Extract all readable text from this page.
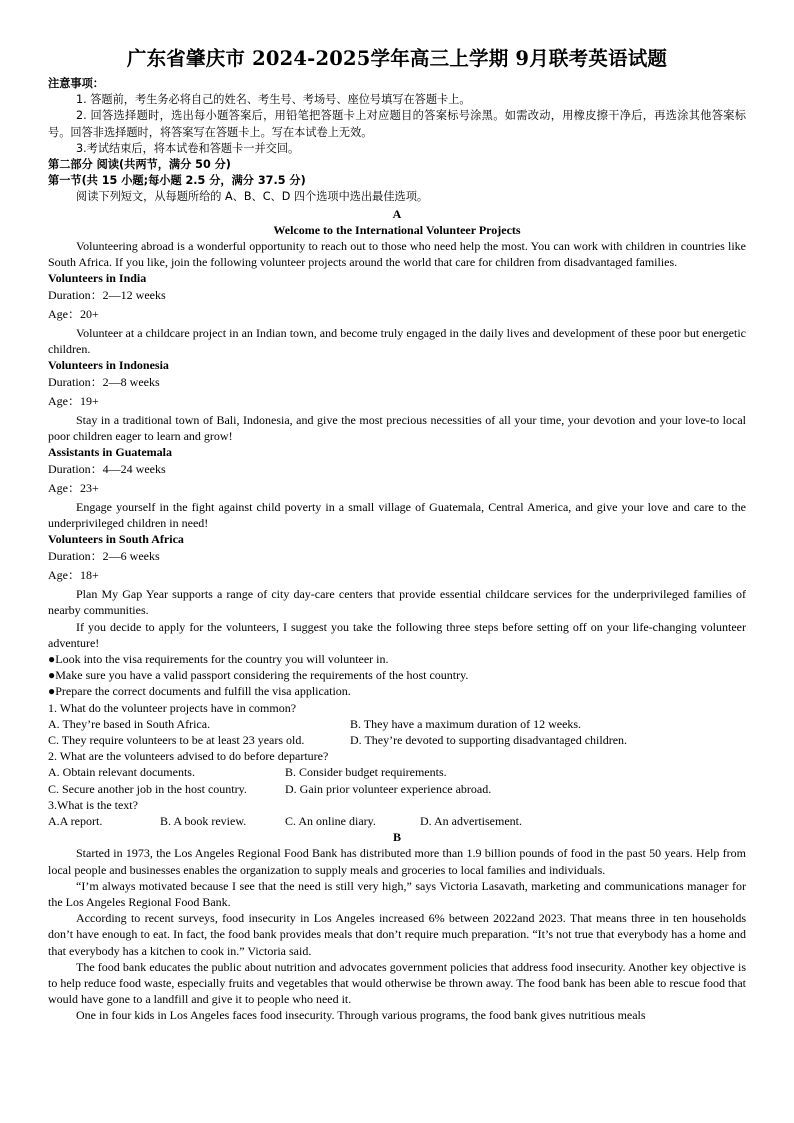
广东省肇庆市 2024-2025学年高三上学期 9月联考英语试题
注意事项：

1. 答题前，考生务必将自己的姓名、考生号、考场号、座位号填写在答题卡上。

2. 回答选择题时，选出每小题答案后，用铅笔把答题卡上对应题目的答案标号涂黑。如需改动，用橡皮擦干净后，再选涂其他答案标号。回答非选择题时，将答案写在答题卡上。写在本试卷上无效。

3.考试结束后，将本试卷和答题卡一并交回。

第二部分 阅读(共两节，满分 50 分)
第一节(共 15 小题;每小题 2.5 分，满分 37.5 分)

阅读下列短文，从每题所给的 A、B、C、D 四个选项中选出最佳选项。

A
Welcome to the International Volunteer Projects

Volunteering abroad is a wonderful opportunity to reach out to those who need help the most. You can work with children in countries like South Africa. If you like, join the following volunteer projects around the world that care for children from disadvantaged families.

Volunteers in India
Duration：2—12 weeks
Age：20+

Volunteer at a childcare project in an Indian town, and become truly engaged in the daily lives and development of these poor but energetic children.

Volunteers in Indonesia
Duration：2—8 weeks
Age：19+

Stay in a traditional town of Bali, Indonesia, and give the most precious necessities of all your time, your devotion and your love-to local poor children eager to learn and grow!

Assistants in Guatemala
Duration：4—24 weeks
Age：23+

Engage yourself in the fight against child poverty in a small village of Guatemala, Central America, and give your love and care to the underprivileged children in need!

Volunteers in South Africa
Duration：2—6 weeks
Age：18+

Plan My Gap Year supports a range of city day-care centers that provide essential childcare services for the underprivileged families of nearby communities.

If you decide to apply for the volunteers, I suggest you take the following three steps before setting off on your life-changing volunteer adventure!

●Look into the visa requirements for the country you will volunteer in.
●Make sure you have a valid passport considering the requirements of the host country.
●Prepare the correct documents and fulfill the visa application.
1. What do the volunteer projects have in common?
A. They’re based in South Africa.	B. They have a maximum duration of 12 weeks.
C. They require volunteers to be at least 23 years old.	D. They’re devoted to supporting disadvantaged children.
2. What are the volunteers advised to do before departure?
A. Obtain relevant documents.	B. Consider budget requirements.
C. Secure another job in the host country.	D. Gain prior volunteer experience abroad.
3.What is the text?
A.A report.	B. A book review.	C. An online diary.	D. An advertisement.
B

Started in 1973, the Los Angeles Regional Food Bank has distributed more than 1.9 billion pounds of food in the past 50 years. Help from local people and businesses enables the organization to supply meals and groceries to local families and individuals.

“I’m always motivated because I see that the need is still very high,” says Victoria Lasavath, marketing and communications manager for the Los Angeles Regional Food Bank.

According to recent surveys, food insecurity in Los Angeles increased 6% between 2022and 2023. That means three in ten households don’t have enough to eat. In fact, the food bank provides meals that don’t require much preparation. “It’s not true that everybody has a home and that everybody has a kitchen to cook in.” Victoria said.

The food bank educates the public about nutrition and advocates government policies that address food insecurity. Another key objective is to help reduce food waste, especially fruits and vegetables that would otherwise be thrown away. The food bank has been able to rescue food that would have gone to a landfill and give it to people who need it.

One in four kids in Los Angeles faces food insecurity. Through various programs, the food bank gives nutritious meals
